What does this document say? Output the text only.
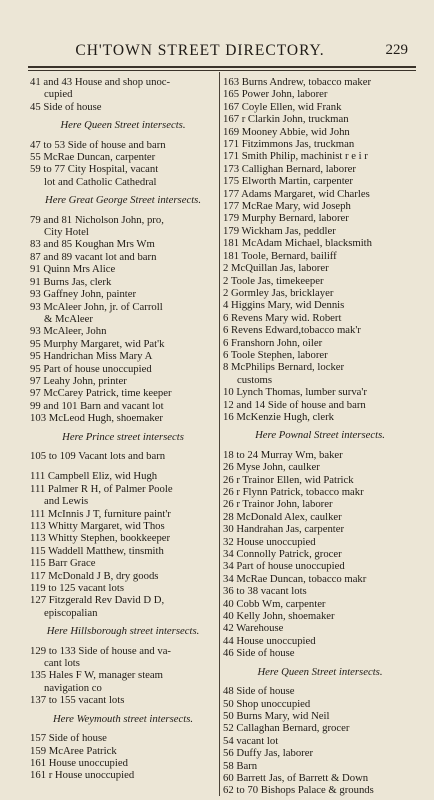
CH'TOWN STREET DIRECTORY.	229
41 and 43 House and shop unoc-
cupied
45 Side of house
Here Queen Street intersects.
47 to 53 Side of house and barn
55 McRae Duncan, carpenter
59 to 77 City Hospital, vacant
lot and Catholic Cathedral
Here Great George Street intersects.
79 and 81 Nicholson John, pro,
City Hotel
83 and 85 Koughan Mrs Wm
87 and 89 vacant lot and barn
91 Quinn Mrs Alice
91 Burns Jas, clerk
93 Gaffney John, painter
93 McAleer John, jr. of Carroll
& McAleer
93 McAleer, John
95 Murphy Margaret, wid Pat'k
95 Handrichan Miss Mary A
95 Part of house unoccupied
97 Leahy John, printer
97 McCarey Patrick, time keeper
99 and 101 Barn and vacant lot
103 McLeod Hugh, shoemaker
Here Prince street intersects
105 to 109 Vacant lots and barn
111 Campbell Eliz, wid Hugh
111 Palmer R H, of Palmer Poole
and Lewis
111 McInnis J T, furniture paint'r
113 Whitty Margaret, wid Thos
113 Whitty Stephen, bookkeeper
115 Waddell Matthew, tinsmith
115 Barr Grace
117 McDonald J B, dry goods
119 to 125 vacant lots
127 Fitzgerald Rev David D D,
episcopalian
Here Hillsborough street intersects.
129 to 133 Side of house and va-
cant lots
135 Hales F W, manager steam
navigation co
137 to 155 vacant lots
Here Weymouth street intersects.
157 Side of house
159 McAree Patrick
161 House unoccupied
161 r House unoccupied
163 Burns Andrew, tobacco maker
165 Power John, laborer
167 Coyle Ellen, wid Frank
167 r Clarkin John, truckman
169 Mooney Abbie, wid John
171 Fitzimmons Jas, truckman
171 Smith Philip, machinist r e i r
173 Callighan Bernard, laborer
175 Elworth Martin, carpenter
177 Adams Margaret, wid Charles
177 McRae Mary, wid Joseph
179 Murphy Bernard, laborer
179 Wickham Jas, peddler
181 McAdam Michael, blacksmith
181 Toole, Bernard, bailiff
2 McQuillan Jas, laborer
2 Toole Jas, timekeeper
2 Gormley Jas, bricklayer
4 Higgins Mary, wid Dennis
6 Revens Mary wid. Robert
6 Revens Edward,tobacco mak'r
6 Franshorn John, oiler
6 Toole Stephen, laborer
8 McPhilips Bernard, locker
customs
10 Lynch Thomas, lumber surva'r
12 and 14 Side of house and barn
16 McKenzie Hugh, clerk
Here Pownal Street intersects.
18 to 24 Murray Wm, baker
26 Myse John, caulker
26 r Trainor Ellen, wid Patrick
26 r Flynn Patrick, tobacco makr
26 r Trainor John, laborer
28 McDonald Alex, caulker
30 Handrahan Jas, carpenter
32 House unoccupied
34 Connolly Patrick, grocer
34 Part of house unoccupied
34 McRae Duncan, tobacco makr
36 to 38 vacant lots
40 Cobb Wm, carpenter
40 Kelly John, shoemaker
42 Warehouse
44 House unoccupied
46 Side of house
Here Queen Street intersects.
48 Side of house
50 Shop unoccupied
50 Burns Mary, wid Neil
52 Callaghan Bernard, grocer
54 vacant lot
56 Duffy Jas, laborer
58 Barn
60 Barrett Jas, of Barrett & Down
62 to 70 Bishops Palace & grounds
